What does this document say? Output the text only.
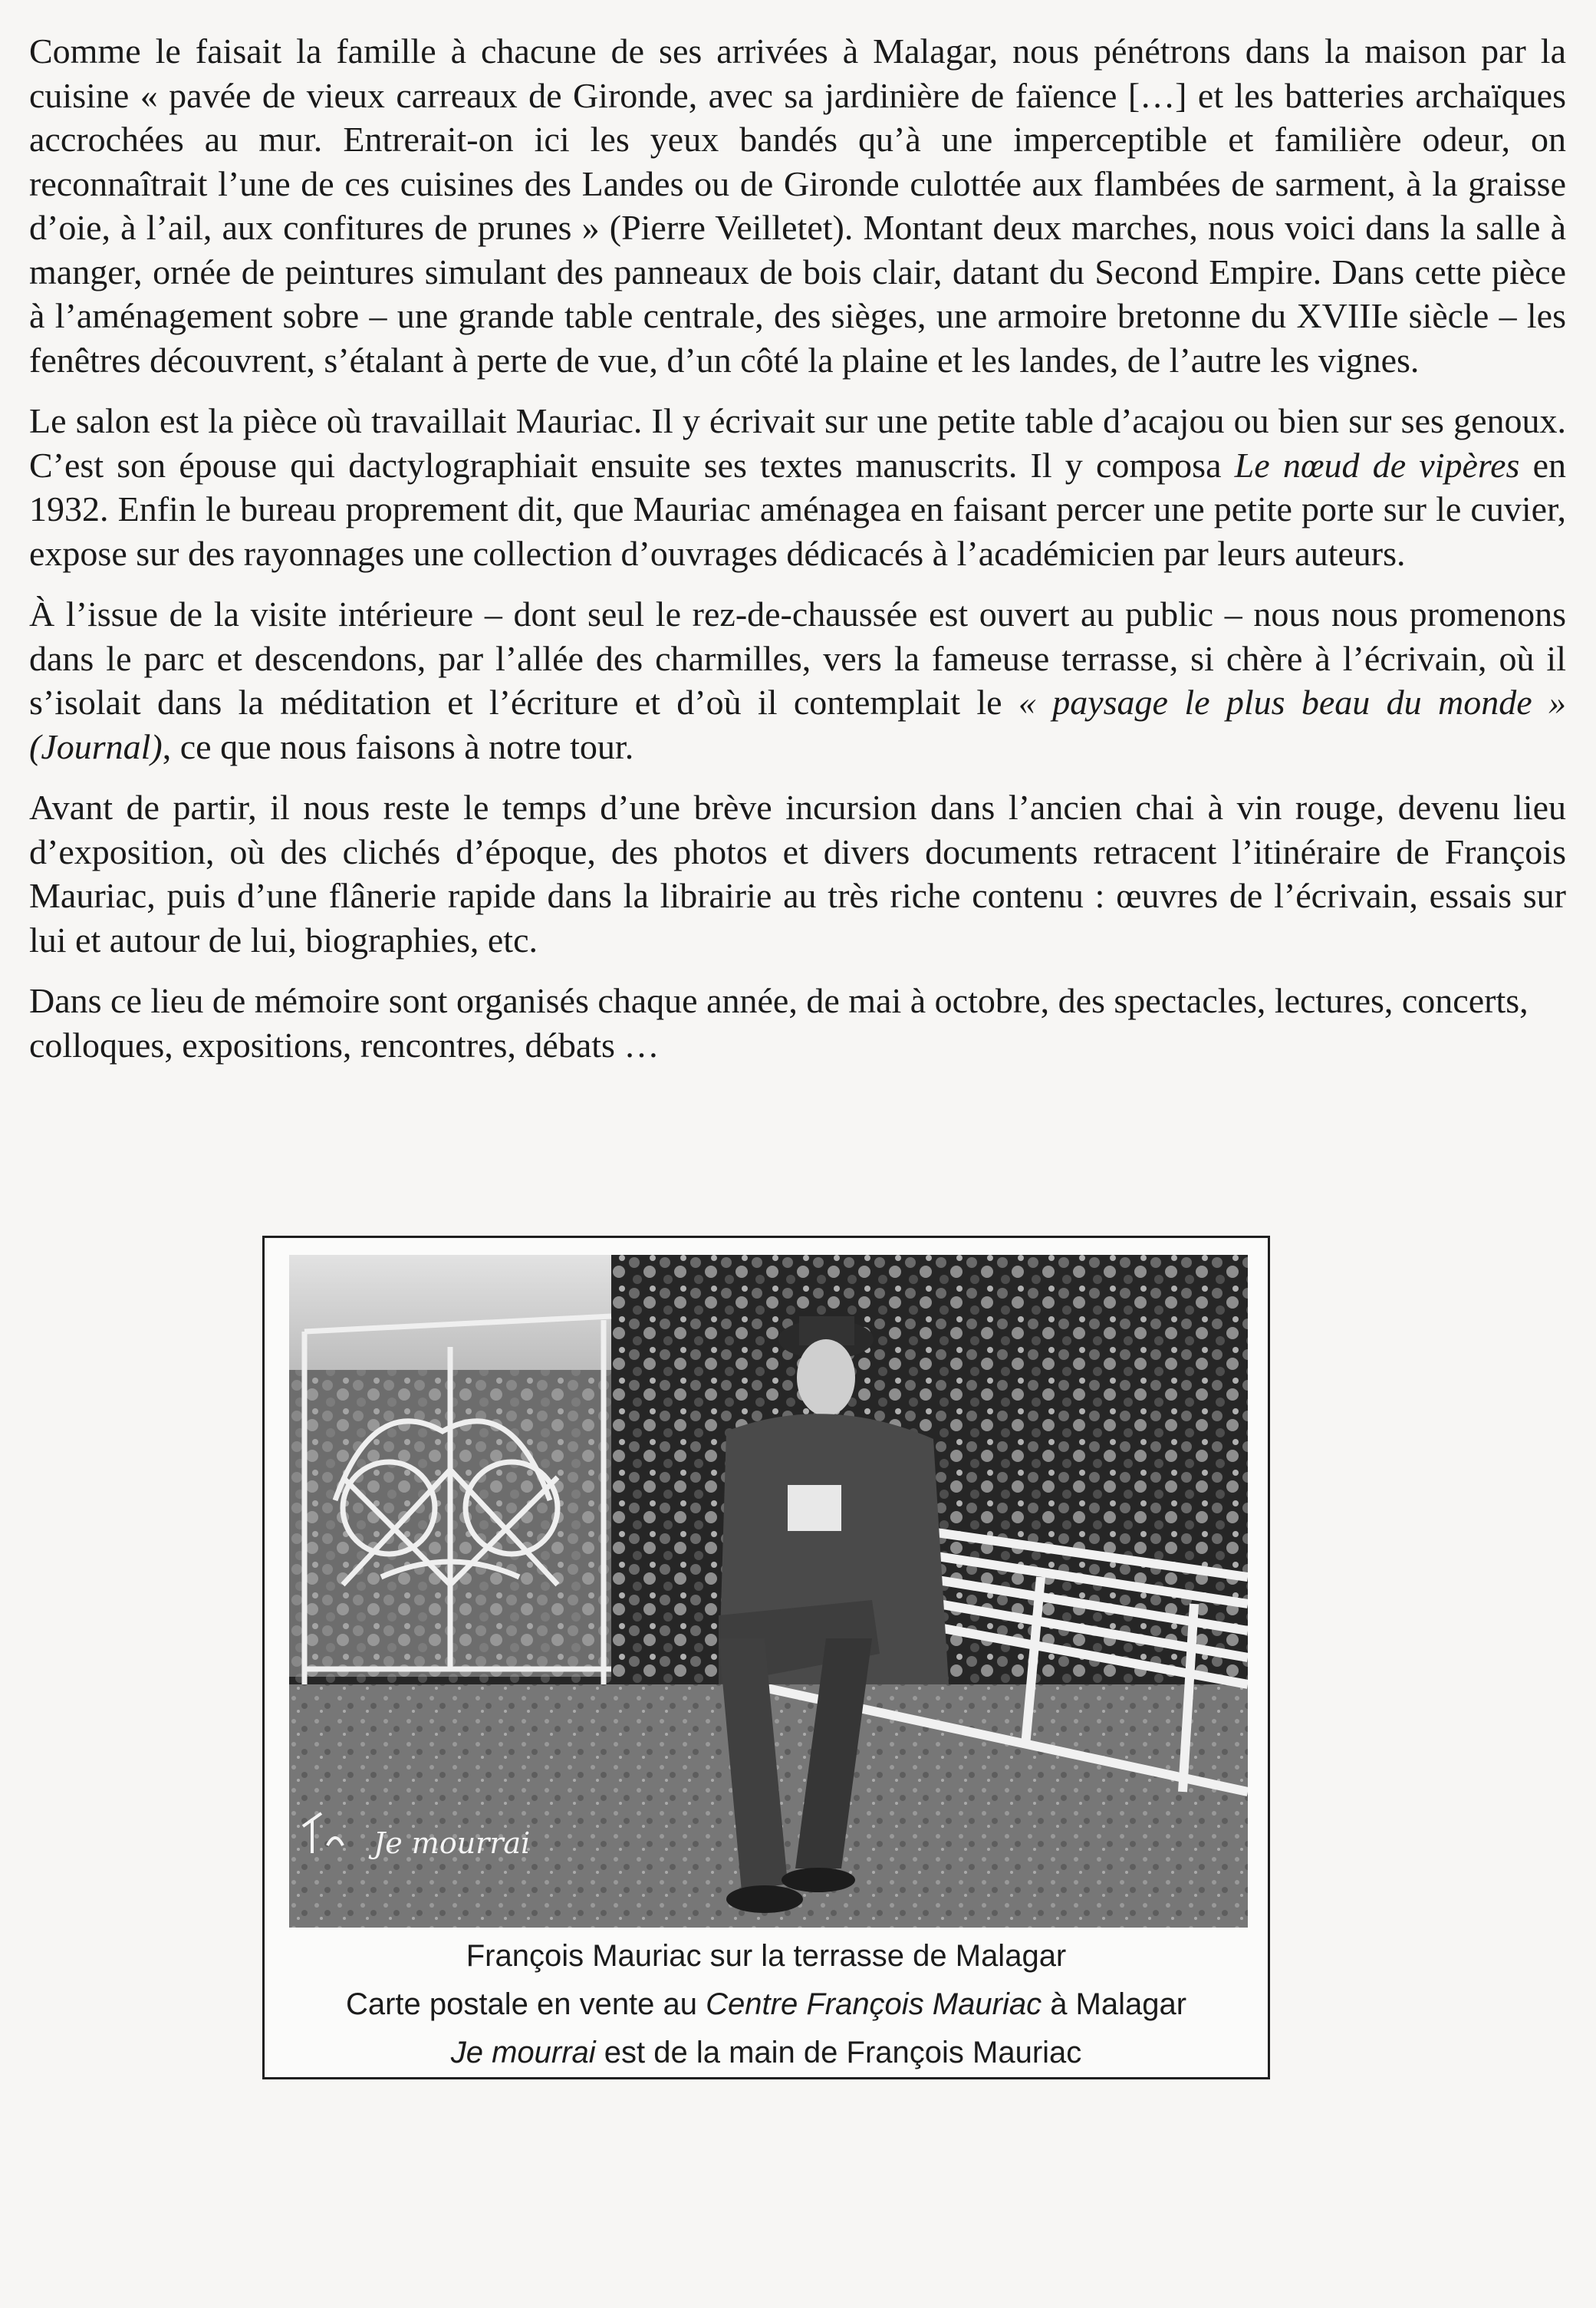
Comme le faisait la famille à chacune de ses arrivées à Malagar, nous pénétrons dans la maison par la cuisine « pavée de vieux carreaux de Gironde, avec sa jardinière de faïence […] et les batteries archaïques accrochées au mur. Entrerait-on ici les yeux bandés qu’à une imperceptible et familière odeur, on reconnaîtrait l’une de ces cuisines des Landes ou de Gironde culottée aux flambées de sarment, à la graisse d’oie, à l’ail, aux confitures de prunes » (Pierre Veilletet). Montant deux marches, nous voici dans la salle à manger, ornée de peintures simulant des panneaux de bois clair, datant du Second Empire. Dans cette pièce à l’aménagement sobre – une grande table centrale, des sièges, une armoire bretonne du XVIIIe siècle – les fenêtres découvrent, s’étalant à perte de vue, d’un côté la plaine et les landes, de l’autre les vignes.

Le salon est la pièce où travaillait Mauriac. Il y écrivait sur une petite table d’acajou ou bien sur ses genoux. C’est son épouse qui dactylographiait ensuite ses textes manuscrits. Il y composa Le nœud de vipères en 1932. Enfin le bureau proprement dit, que Mauriac aménagea en faisant percer une petite porte sur le cuvier, expose sur des rayonnages une collection d’ouvrages dédicacés à l’académicien par leurs auteurs.

À l’issue de la visite intérieure – dont seul le rez-de-chaussée est ouvert au public – nous nous promenons dans le parc et descendons, par l’allée des charmilles, vers la fameuse terrasse, si chère à l’écrivain, où il s’isolait dans la méditation et l’écriture et d’où il contemplait le « paysage le plus beau du monde » (Journal), ce que nous faisons à notre tour.

Avant de partir, il nous reste le temps d’une brève incursion dans l’ancien chai à vin rouge, devenu lieu d’exposition, où des clichés d’époque, des photos et divers documents retracent l’itinéraire de François Mauriac, puis d’une flânerie rapide dans la librairie au très riche contenu : œuvres de l’écrivain, essais sur lui et autour de lui, biographies, etc.

Dans ce lieu de mémoire sont organisés chaque année, de mai à octobre, des spectacles, lectures, concerts, colloques, expositions, rencontres, débats …

Je mourrai
François Mauriac sur la terrasse de Malagar
Carte postale en vente au Centre François Mauriac à Malagar
Je mourrai est de la main de François Mauriac
